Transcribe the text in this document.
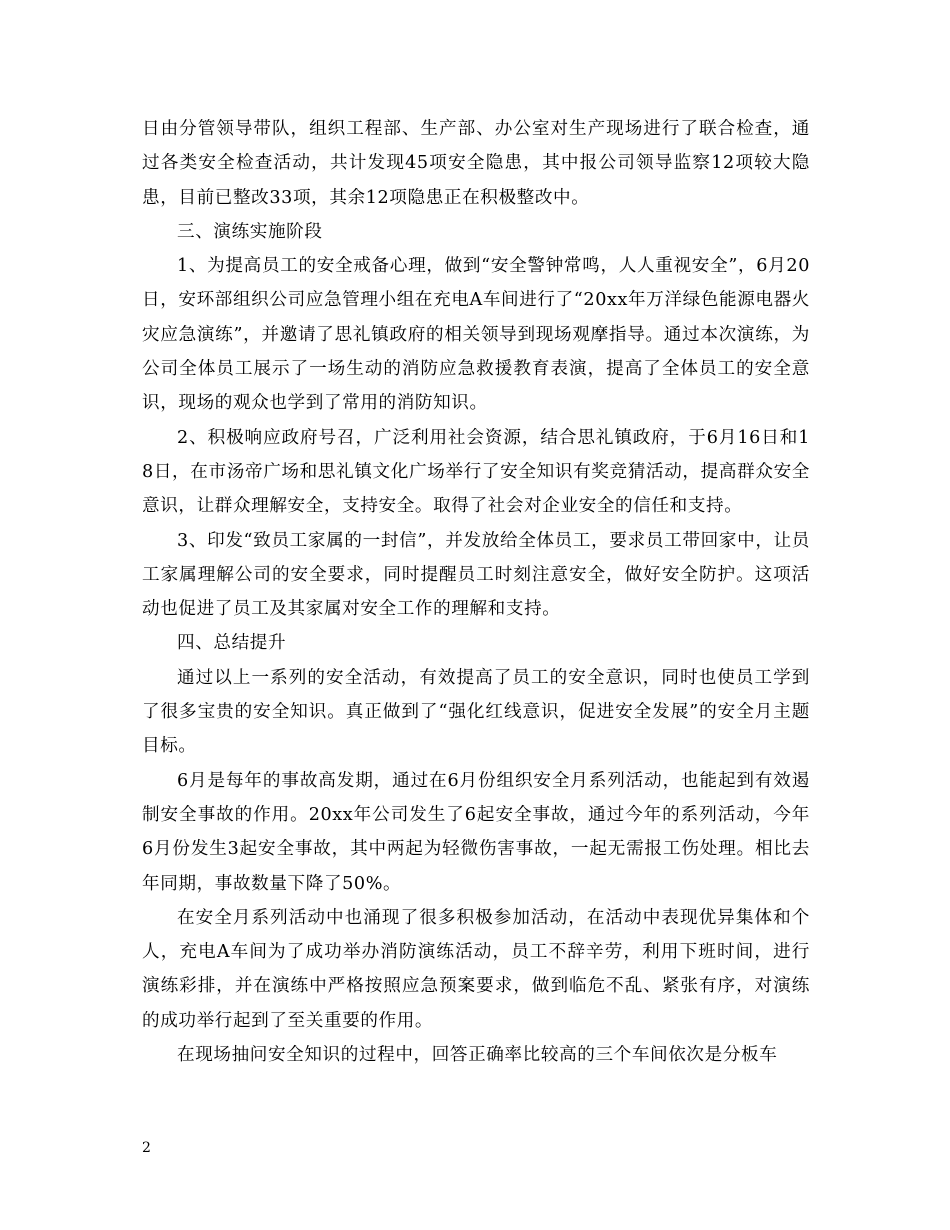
日由分管领导带队，组织工程部、生产部、办公室对生产现场进行了联合检查，通过各类安全检查活动，共计发现45项安全隐患，其中报公司领导监察12项较大隐患，目前已整改33项，其余12项隐患正在积极整改中。

三、演练实施阶段

1、为提高员工的安全戒备心理，做到“安全警钟常鸣，人人重视安全”，6月20日，安环部组织公司应急管理小组在充电A车间进行了“20xx年万洋绿色能源电器火灾应急演练”，并邀请了思礼镇政府的相关领导到现场观摩指导。通过本次演练，为公司全体员工展示了一场生动的消防应急救援教育表演，提高了全体员工的安全意识，现场的观众也学到了常用的消防知识。

2、积极响应政府号召，广泛利用社会资源，结合思礼镇政府，于6月16日和18日，在市汤帝广场和思礼镇文化广场举行了安全知识有奖竞猜活动，提高群众安全意识，让群众理解安全，支持安全。取得了社会对企业安全的信任和支持。

3、印发“致员工家属的一封信”，并发放给全体员工，要求员工带回家中，让员工家属理解公司的安全要求，同时提醒员工时刻注意安全，做好安全防护。这项活动也促进了员工及其家属对安全工作的理解和支持。

四、总结提升

通过以上一系列的安全活动，有效提高了员工的安全意识，同时也使员工学到了很多宝贵的安全知识。真正做到了“强化红线意识，促进安全发展”的安全月主题目标。

6月是每年的事故高发期，通过在6月份组织安全月系列活动，也能起到有效遏制安全事故的作用。20xx年公司发生了6起安全事故，通过今年的系列活动，今年6月份发生3起安全事故，其中两起为轻微伤害事故，一起无需报工伤处理。相比去年同期，事故数量下降了50%。

在安全月系列活动中也涌现了很多积极参加活动，在活动中表现优异集体和个人，充电A车间为了成功举办消防演练活动，员工不辞辛劳，利用下班时间，进行演练彩排，并在演练中严格按照应急预案要求，做到临危不乱、紧张有序，对演练的成功举行起到了至关重要的作用。

在现场抽问安全知识的过程中，回答正确率比较高的三个车间依次是分板车

2
